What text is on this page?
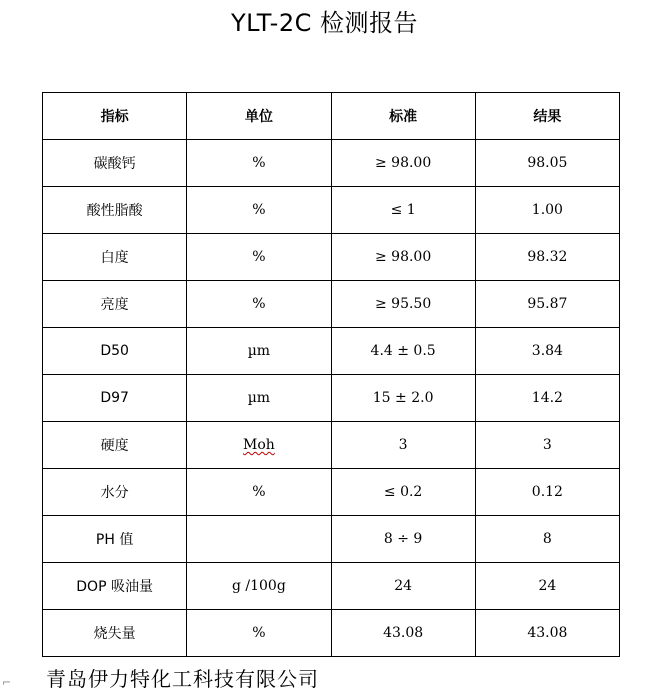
YLT-2C 检测报告
指标	单位	标准	结果
碳酸钙	%	≥ 98.00	98.05
酸性脂酸	%	≤ 1	1.00
白度	%	≥ 98.00	98.32
亮度	%	≥ 95.50	95.87
D50	µm	4.4 ± 0.5	3.84
D97	µm	15 ± 2.0	14.2
硬度	Moh	3	3
水分	%	≤ 0.2	0.12
PH 值		8 ÷ 9	8
DOP 吸油量	g /100g	24	24
烧失量	%	43.08	43.08
⌐ 青岛伊力特化工科技有限公司
